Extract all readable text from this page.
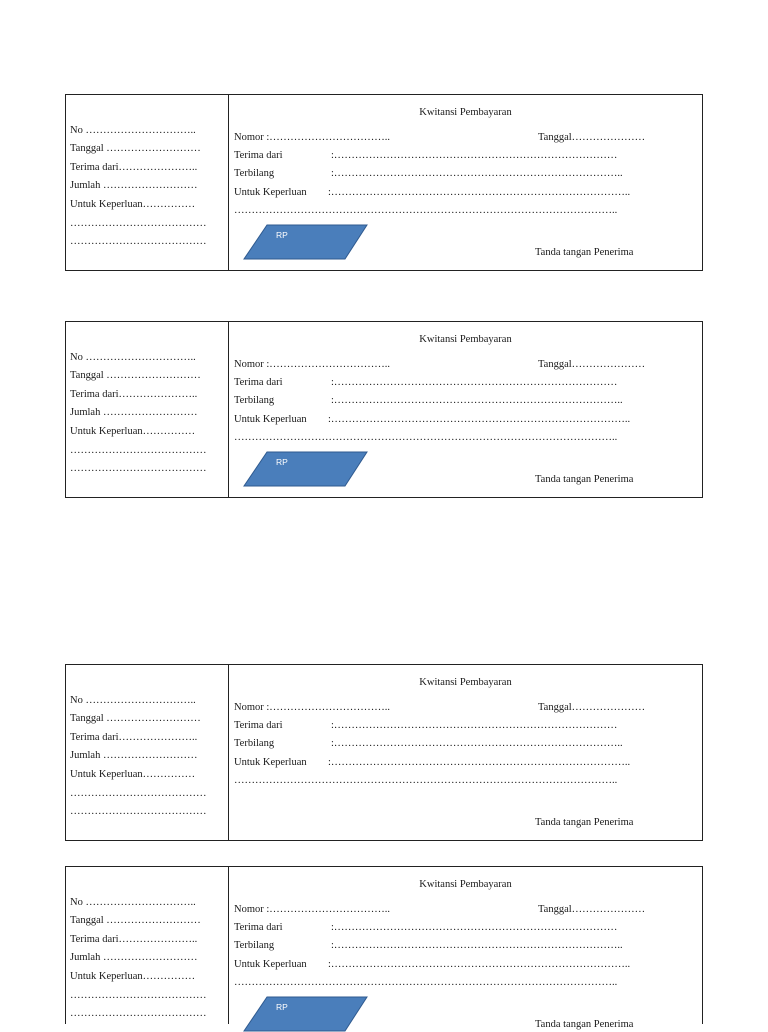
No …………………………..
Tanggal ………………………
Terima dari…………………..
Jumlah ………………………
Untuk Keperluan……………
…………………………………
…………………………………
Kwitansi Pembayaran
Nomor :……………………………..	Tanggal…………………
Terima dari	:………………………………………………………………………
Terbilang	:………………………………………………………………………..
Untuk Keperluan :…………………………………………………………………………..
………………………………………………………………………………………………..
RP
Tanda tangan Penerima
No …………………………..
Tanggal ………………………
Terima dari…………………..
Jumlah ………………………
Untuk Keperluan……………
…………………………………
…………………………………
Kwitansi Pembayaran
Nomor :……………………………..	Tanggal…………………
Terima dari	:………………………………………………………………………
Terbilang	:………………………………………………………………………..
Untuk Keperluan :…………………………………………………………………………..
………………………………………………………………………………………………..
RP
Tanda tangan Penerima
No …………………………..
Tanggal ………………………
Terima dari…………………..
Jumlah ………………………
Untuk Keperluan……………
…………………………………
…………………………………
Kwitansi Pembayaran
Nomor :……………………………..	Tanggal…………………
Terima dari	:………………………………………………………………………
Terbilang	:………………………………………………………………………..
Untuk Keperluan :…………………………………………………………………………..
………………………………………………………………………………………………..
Tanda tangan Penerima
No …………………………..
Tanggal ………………………
Terima dari…………………..
Jumlah ………………………
Untuk Keperluan……………
…………………………………
…………………………………
Kwitansi Pembayaran
Nomor :……………………………..	Tanggal…………………
Terima dari	:………………………………………………………………………
Terbilang	:………………………………………………………………………..
Untuk Keperluan :…………………………………………………………………………..
………………………………………………………………………………………………..
RP
Tanda tangan Penerima
